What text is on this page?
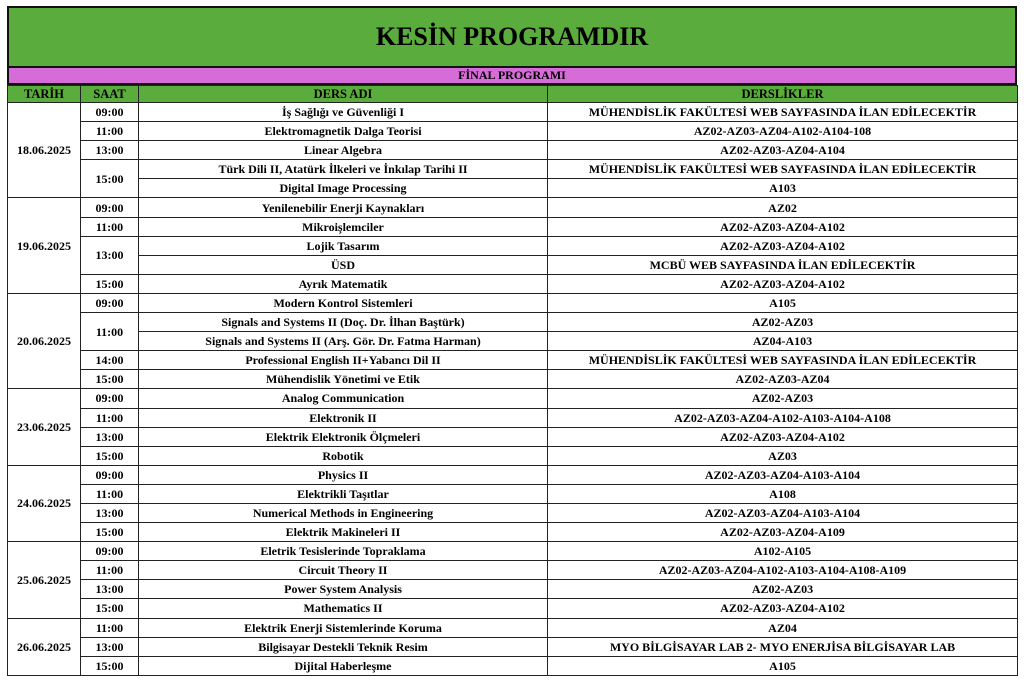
KESİN PROGRAMDIR
FİNAL PROGRAMI
TARİH	SAAT	DERS ADI	DERSLİKLER
18.06.2025	09:00	İş Sağlığı ve Güvenliği I	MÜHENDİSLİK FAKÜLTESİ WEB SAYFASINDA İLAN EDİLECEKTİR
	11:00	Elektromagnetik Dalga Teorisi	AZ02-AZ03-AZ04-A102-A104-108
	13:00	Linear Algebra	AZ02-AZ03-AZ04-A104
	15:00	Türk Dili II, Atatürk İlkeleri ve İnkılap Tarihi II	MÜHENDİSLİK FAKÜLTESİ WEB SAYFASINDA İLAN EDİLECEKTİR
		Digital Image Processing	A103
19.06.2025	09:00	Yenilenebilir Enerji Kaynakları	AZ02
	11:00	Mikroişlemciler	AZ02-AZ03-AZ04-A102
	13:00	Lojik Tasarım	AZ02-AZ03-AZ04-A102
		ÜSD	MCBÜ WEB SAYFASINDA İLAN EDİLECEKTİR
	15:00	Ayrık Matematik	AZ02-AZ03-AZ04-A102
20.06.2025	09:00	Modern Kontrol Sistemleri	A105
	11:00	Signals and Systems II (Doç. Dr. İlhan Baştürk)	AZ02-AZ03
		Signals and Systems II (Arş. Gör. Dr. Fatma Harman)	AZ04-A103
	14:00	Professional English II+Yabancı Dil II	MÜHENDİSLİK FAKÜLTESİ WEB SAYFASINDA İLAN EDİLECEKTİR
	15:00	Mühendislik Yönetimi ve Etik	AZ02-AZ03-AZ04
23.06.2025	09:00	Analog Communication	AZ02-AZ03
	11:00	Elektronik II	AZ02-AZ03-AZ04-A102-A103-A104-A108
	13:00	Elektrik Elektronik Ölçmeleri	AZ02-AZ03-AZ04-A102
	15:00	Robotik	AZ03
24.06.2025	09:00	Physics II	AZ02-AZ03-AZ04-A103-A104
	11:00	Elektrikli Taşıtlar	A108
	13:00	Numerical Methods in Engineering	AZ02-AZ03-AZ04-A103-A104
	15:00	Elektrik Makineleri II	AZ02-AZ03-AZ04-A109
25.06.2025	09:00	Eletrik Tesislerinde Topraklama	A102-A105
	11:00	Circuit Theory II	AZ02-AZ03-AZ04-A102-A103-A104-A108-A109
	13:00	Power System Analysis	AZ02-AZ03
	15:00	Mathematics II	AZ02-AZ03-AZ04-A102
26.06.2025	11:00	Elektrik Enerji Sistemlerinde Koruma	AZ04
	13:00	Bilgisayar Destekli Teknik Resim	MYO BİLGİSAYAR LAB 2- MYO ENERJİSA BİLGİSAYAR LAB
	15:00	Dijital Haberleşme	A105
